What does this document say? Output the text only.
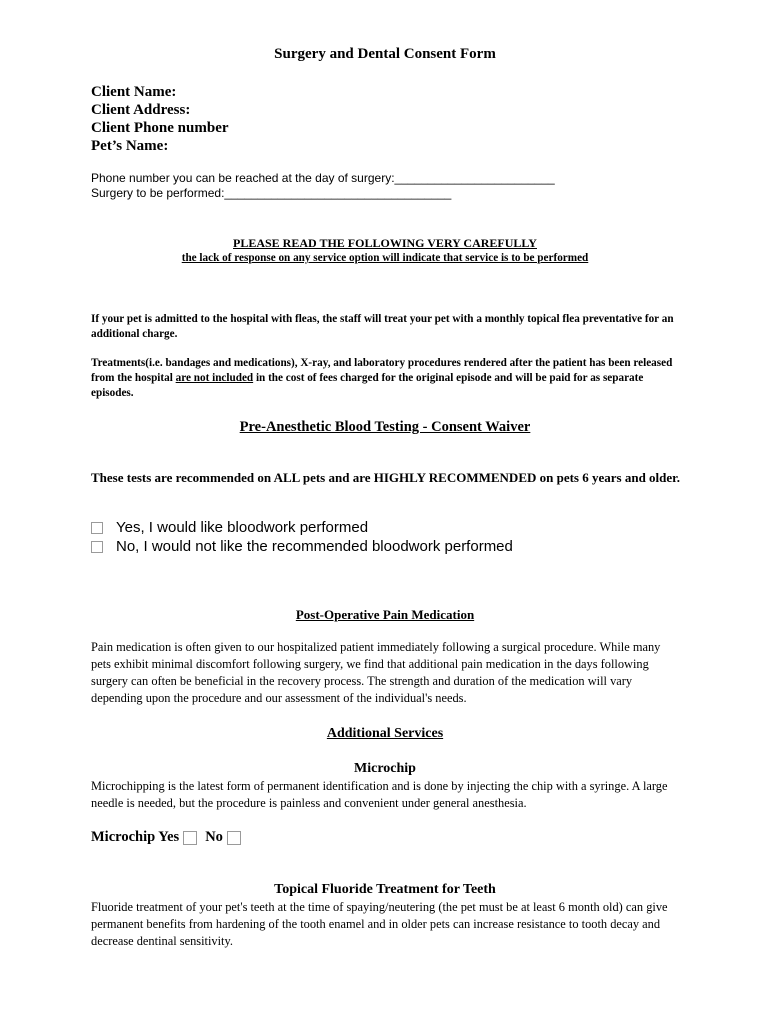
Surgery and Dental Consent Form
Client Name:
Client Address:
Client Phone number
Pet’s Name:
Phone number you can be reached at the day of surgery:________________________
Surgery to be performed:__________________________________
PLEASE READ THE FOLLOWING VERY CAREFULLY
the lack of response on any service option will indicate that service is to be performed
If your pet is admitted to the hospital with fleas, the staff will treat your pet with a monthly topical flea preventative for an additional charge.
Treatments(i.e. bandages and medications), X-ray, and laboratory procedures rendered after the patient has been released from the hospital are not included in the cost of fees charged for the original episode and will be paid for as separate episodes.
Pre-Anesthetic Blood Testing - Consent Waiver
These tests are recommended on ALL pets and are HIGHLY RECOMMENDED on pets 6 years and older.
Yes, I would like bloodwork performed
No, I would not like the recommended bloodwork performed
Post-Operative Pain Medication
Pain medication is often given to our hospitalized patient immediately following a surgical procedure. While many pets exhibit minimal discomfort following surgery, we find that additional pain medication in the days following surgery can often be beneficial in the recovery process. The strength and duration of the medication will vary depending upon the procedure and our assessment of the individual's needs.
Additional Services
Microchip
Microchipping is the latest form of permanent identification and is done by injecting the chip with a syringe. A large needle is needed, but the procedure is painless and convenient under general anesthesia.
Microchip Yes No
Topical Fluoride Treatment for Teeth
Fluoride treatment of your pet's teeth at the time of spaying/neutering (the pet must be at least 6 month old) can give permanent benefits from hardening of the tooth enamel and in older pets can increase resistance to tooth decay and decrease dentinal sensitivity.
